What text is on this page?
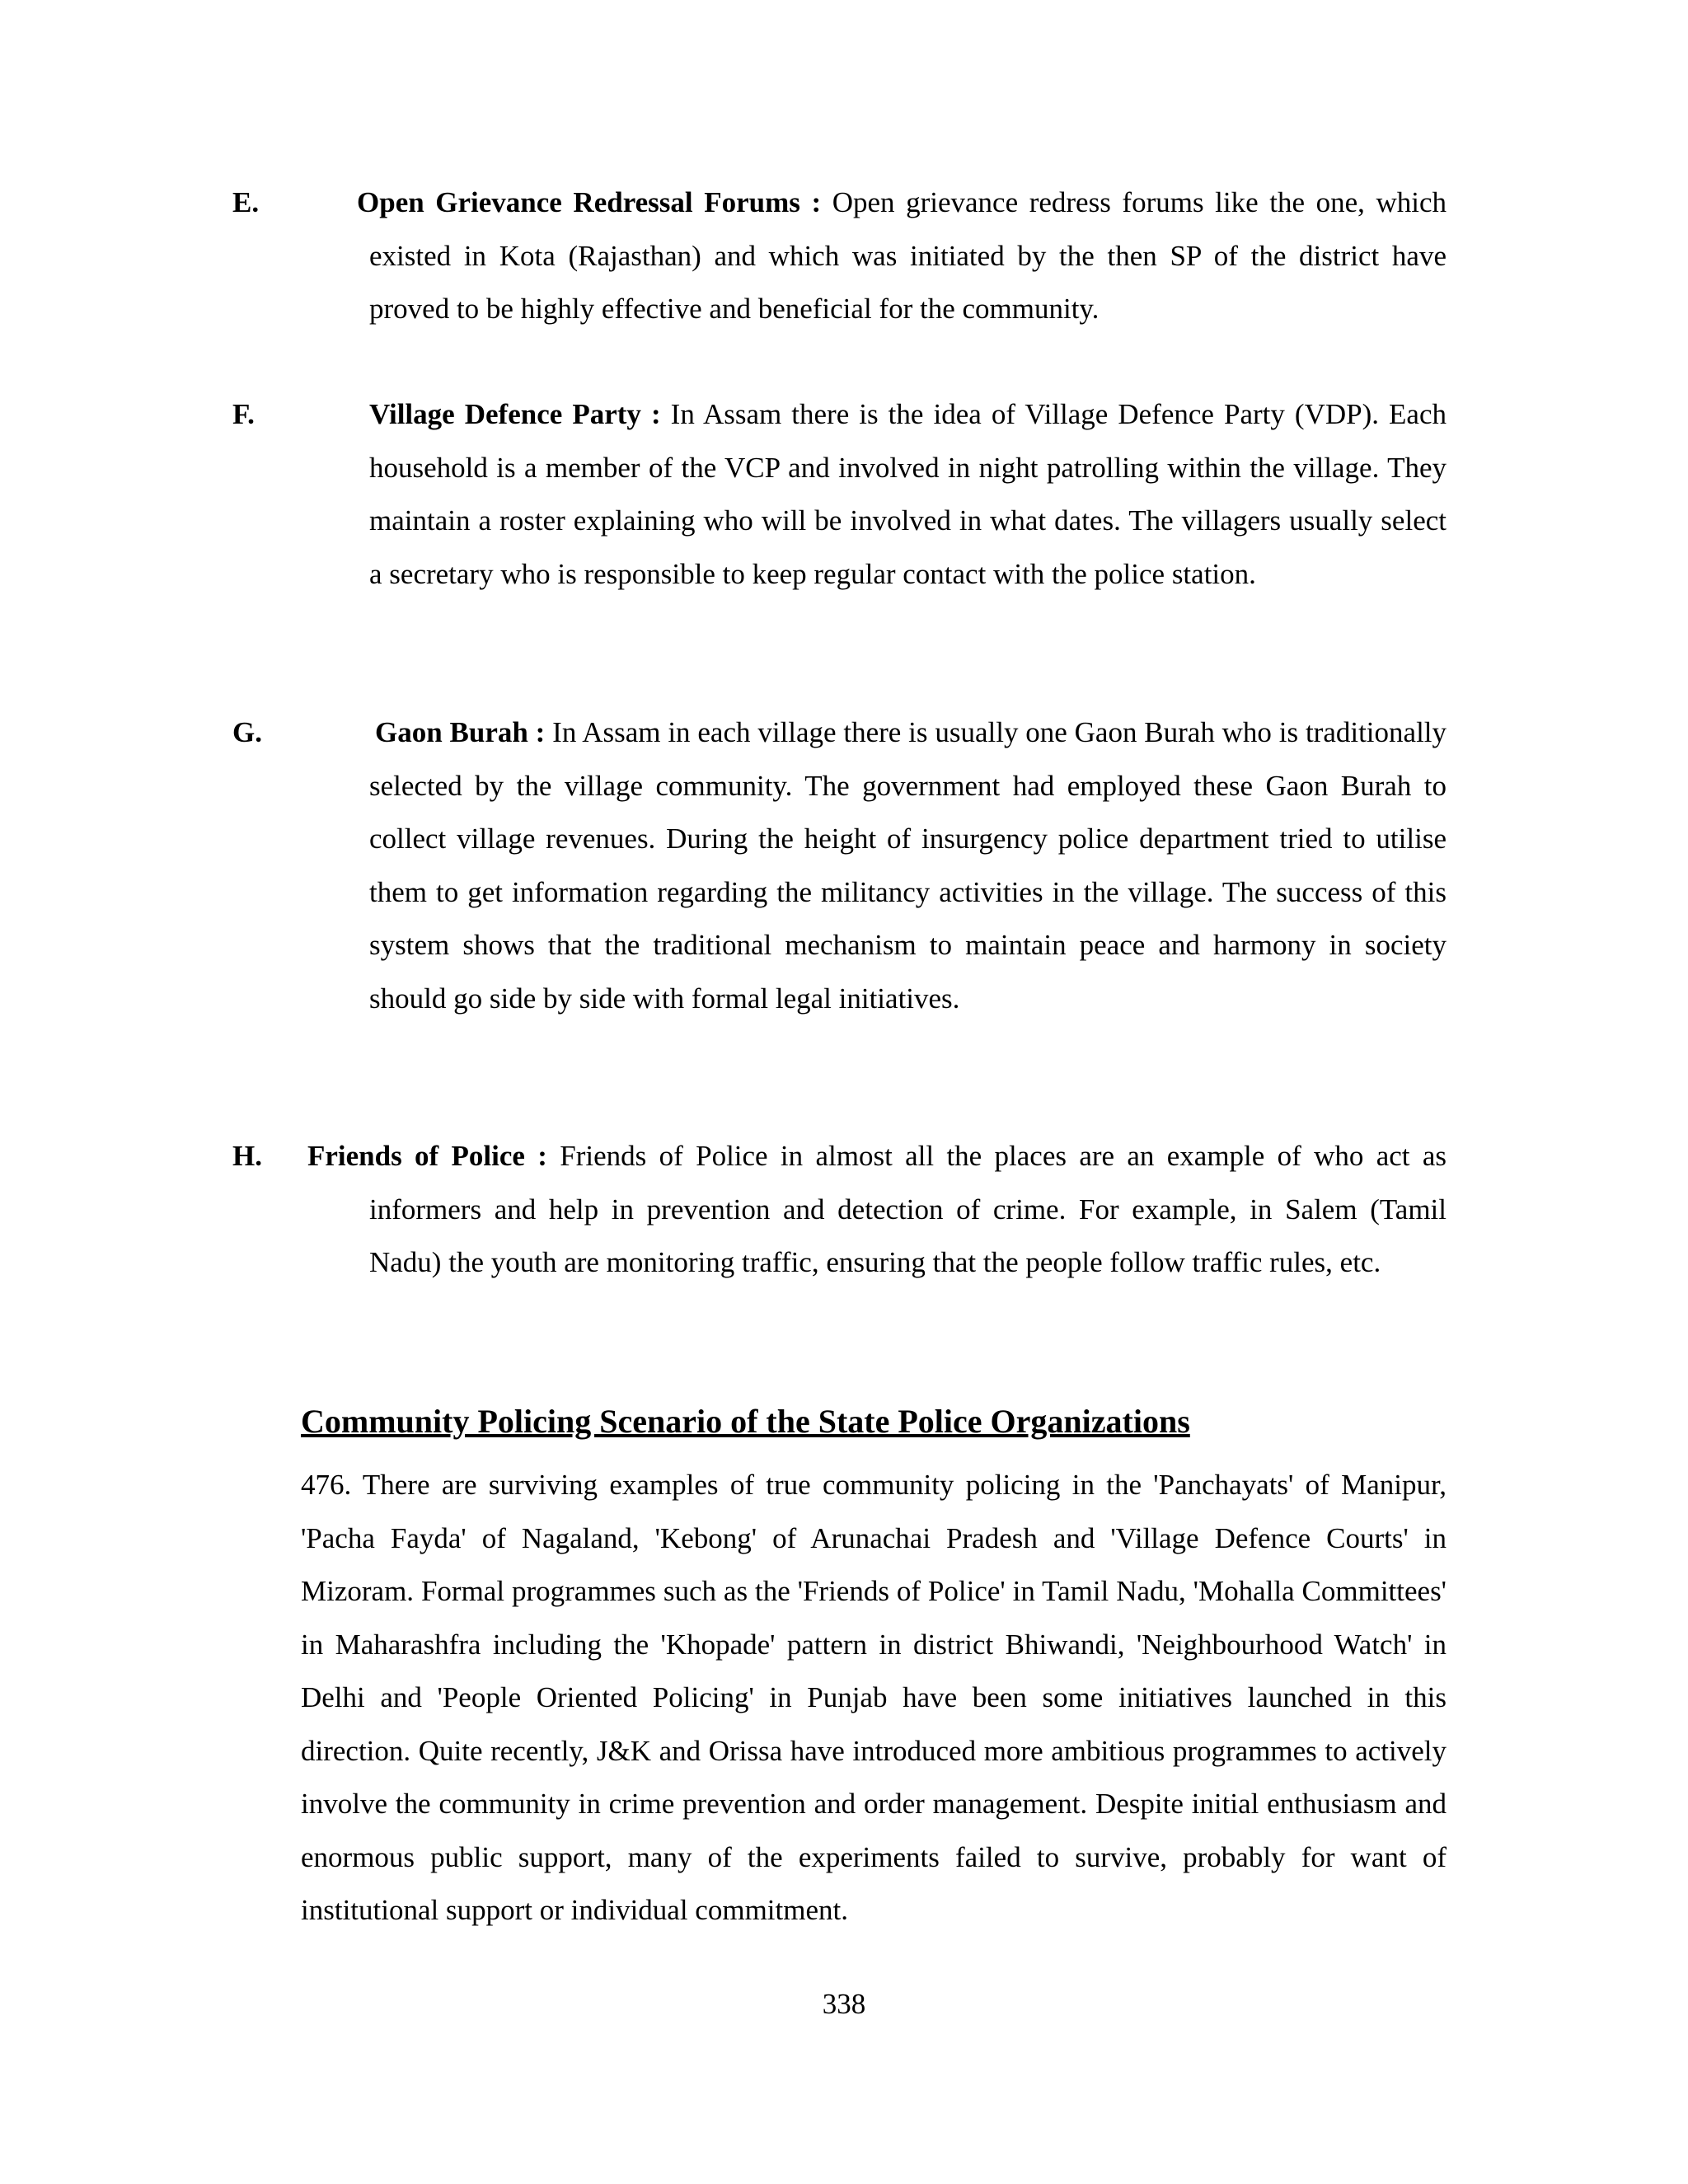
E.	Open Grievance Redressal Forums : Open grievance redress forums like the one, which existed in Kota (Rajasthan) and which was initiated by the then SP of the district have proved to be highly effective and beneficial for the community.

F.	Village Defence Party : In Assam there is the idea of Village Defence Party (VDP). Each household is a member of the VCP and involved in night patrolling within the village. They maintain a roster explaining who will be involved in what dates. The villagers usually select a secretary who is responsible to keep regular contact with the police station.

G.	Gaon Burah : In Assam in each village there is usually one Gaon Burah who is traditionally selected by the village community. The government had employed these Gaon Burah to collect village revenues. During the height of insurgency police department tried to utilise them to get information regarding the militancy activities in the village. The success of this system shows that the traditional mechanism to maintain peace and harmony in society should go side by side with formal legal initiatives.

H. Friends of Police : Friends of Police in almost all the places are an example of who act as informers and help in prevention and detection of crime. For example, in Salem (Tamil Nadu) the youth are monitoring traffic, ensuring that the people follow traffic rules, etc.

Community Policing Scenario of the State Police Organizations

476. There are surviving examples of true community policing in the 'Panchayats' of Manipur, 'Pacha Fayda' of Nagaland, 'Kebong' of Arunachai Pradesh and 'Village Defence Courts' in Mizoram. Formal programmes such as the 'Friends of Police' in Tamil Nadu, 'Mohalla Committees' in Maharashfra including the 'Khopade' pattern in district Bhiwandi, 'Neighbourhood Watch' in Delhi and 'People Oriented Policing' in Punjab have been some initiatives launched in this direction. Quite recently, J&K and Orissa have introduced more ambitious programmes to actively involve the community in crime prevention and order management. Despite initial enthusiasm and enormous public support, many of the experiments failed to survive, probably for want of institutional support or individual commitment.

338
